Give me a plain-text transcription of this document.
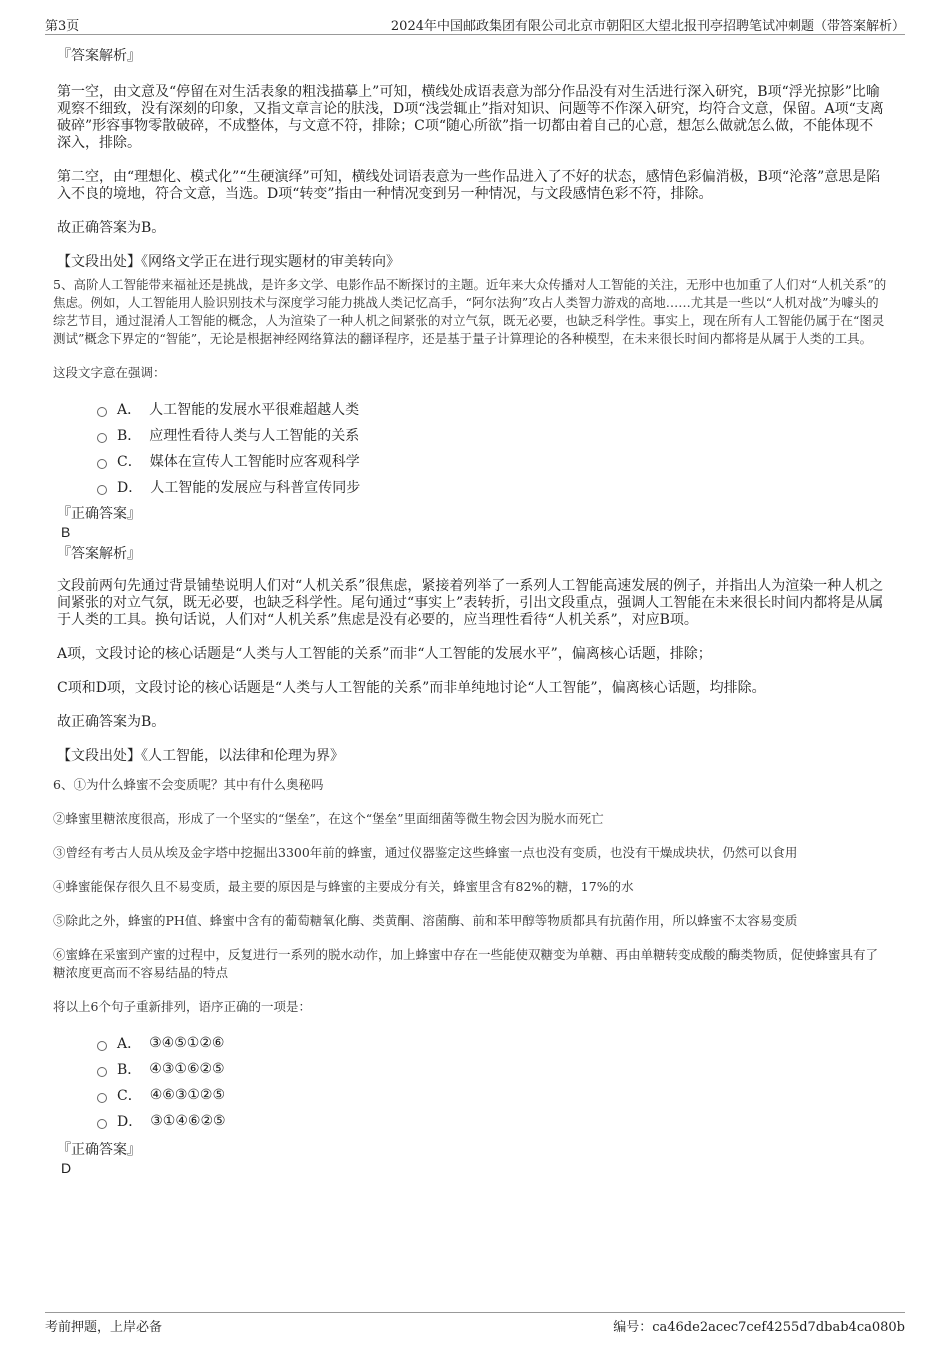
第3页	2024年中国邮政集团有限公司北京市朝阳区大望北报刊亭招聘笔试冲刺题（带答案解析）

『答案解析』

第一空，由文意及“停留在对生活表象的粗浅描摹上”可知，横线处成语表意为部分作品没有对生活进行深入研究，B项“浮光掠影”比喻观察不细致，没有深刻的印象，又指文章言论的肤浅，D项“浅尝辄止”指对知识、问题等不作深入研究，均符合文意，保留。A项“支离破碎”形容事物零散破碎，不成整体，与文意不符，排除；C项“随心所欲”指一切都由着自己的心意，想怎么做就怎么做，不能体现不深入，排除。

第二空，由“理想化、模式化”“生硬演绎”可知，横线处词语表意为一些作品进入了不好的状态，感情色彩偏消极，B项“沦落”意思是陷入不良的境地，符合文意，当选。D项“转变”指由一种情况变到另一种情况，与文段感情色彩不符，排除。

故正确答案为B。

【文段出处】《网络文学正在进行现实题材的审美转向》

5、高阶人工智能带来福祉还是挑战，是许多文学、电影作品不断探讨的主题。近年来大众传播对人工智能的关注，无形中也加重了人们对“人机关系”的焦虑。例如，人工智能用人脸识别技术与深度学习能力挑战人类记忆高手，“阿尔法狗”攻占人类智力游戏的高地……尤其是一些以“人机对战”为噱头的综艺节目，通过混淆人工智能的概念，人为渲染了一种人机之间紧张的对立气氛，既无必要，也缺乏科学性。事实上，现在所有人工智能仍属于在“图灵测试”概念下界定的“智能”，无论是根据神经网络算法的翻译程序，还是基于量子计算理论的各种模型，在未来很长时间内都将是从属于人类的工具。

这段文字意在强调：

A． 人工智能的发展水平很难超越人类
B． 应理性看待人类与人工智能的关系
C． 媒体在宣传人工智能时应客观科学
D． 人工智能的发展应与科普宣传同步

『正确答案』

B

『答案解析』

文段前两句先通过背景铺垫说明人们对“人机关系”很焦虑，紧接着列举了一系列人工智能高速发展的例子，并指出人为渲染一种人机之间紧张的对立气氛，既无必要，也缺乏科学性。尾句通过“事实上”表转折，引出文段重点，强调人工智能在未来很长时间内都将是从属于人类的工具。换句话说，人们对“人机关系”焦虑是没有必要的，应当理性看待“人机关系”，对应B项。

A项，文段讨论的核心话题是“人类与人工智能的关系”而非“人工智能的发展水平”，偏离核心话题，排除；

C项和D项，文段讨论的核心话题是“人类与人工智能的关系”而非单纯地讨论“人工智能”，偏离核心话题，均排除。

故正确答案为B。

【文段出处】《人工智能，以法律和伦理为界》

6、①为什么蜂蜜不会变质呢？其中有什么奥秘吗

②蜂蜜里糖浓度很高，形成了一个坚实的“堡垒”，在这个“堡垒”里面细菌等微生物会因为脱水而死亡

③曾经有考古人员从埃及金字塔中挖掘出3300年前的蜂蜜，通过仪器鉴定这些蜂蜜一点也没有变质，也没有干燥成块状，仍然可以食用

④蜂蜜能保存很久且不易变质，最主要的原因是与蜂蜜的主要成分有关，蜂蜜里含有82%的糖，17%的水

⑤除此之外，蜂蜜的PH值、蜂蜜中含有的葡萄糖氧化酶、类黄酮、溶菌酶、前和苯甲醇等物质都具有抗菌作用，所以蜂蜜不太容易变质

⑥蜜蜂在采蜜到产蜜的过程中，反复进行一系列的脱水动作，加上蜂蜜中存在一些能使双糖变为单糖、再由单糖转变成酸的酶类物质，促使蜂蜜具有了糖浓度更高而不容易结晶的特点

将以上6个句子重新排列，语序正确的一项是：

A． ③④⑤①②⑥
B． ④③①⑥②⑤
C． ④⑥③①②⑤
D． ③①④⑥②⑤

『正确答案』

D

考前押题，上岸必备	编号：ca46de2acec7cef4255d7dbab4ca080b
